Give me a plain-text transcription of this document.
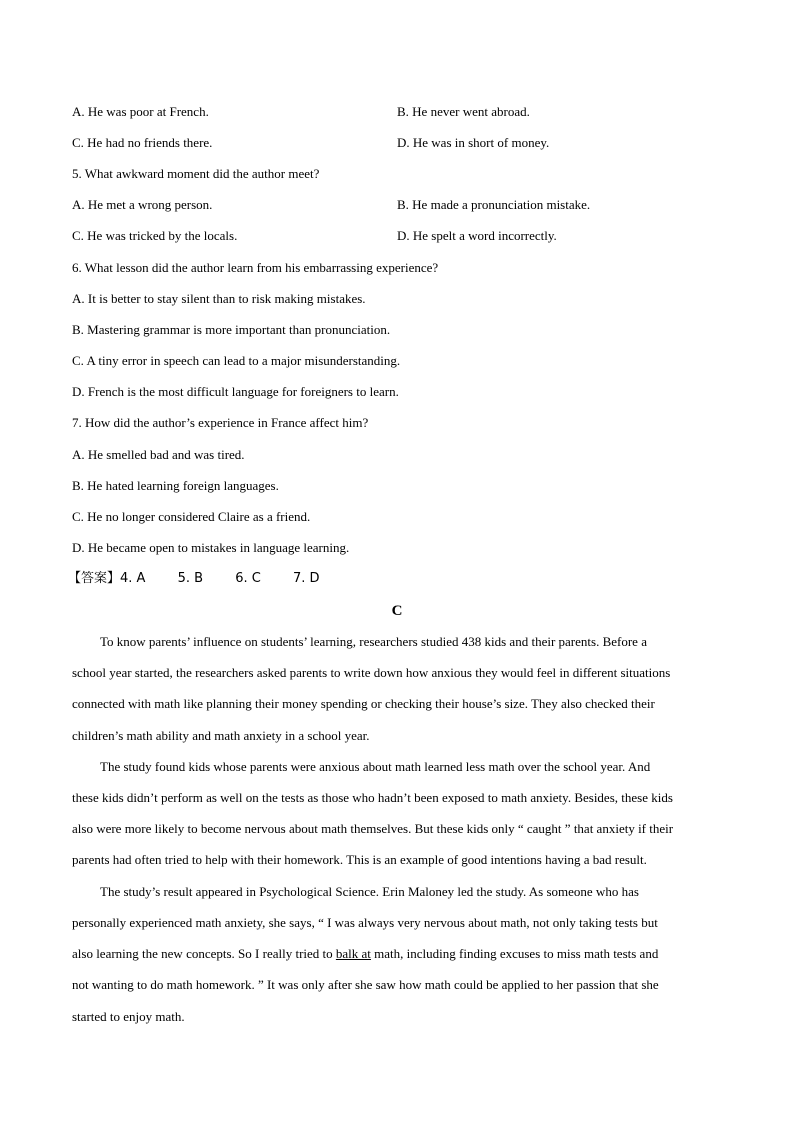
A. He was poor at French.	B. He never went abroad.
C. He had no friends there.	D. He was in short of money.
5. What awkward moment did the author meet?
A. He met a wrong person.	B. He made a pronunciation mistake.
C. He was tricked by the locals.	D. He spelt a word incorrectly.
6. What lesson did the author learn from his embarrassing experience?
A. It is better to stay silent than to risk making mistakes.
B. Mastering grammar is more important than pronunciation.
C. A tiny error in speech can lead to a major misunderstanding.
D. French is the most difficult language for foreigners to learn.
7. How did the author’s experience in France affect him?
A. He smelled bad and was tired.
B. He hated learning foreign languages.
C. He no longer considered Claire as a friend.
D. He became open to mistakes in language learning.
【答案】4. A 5. B 6. C 7. D
C
To know parents’ influence on students’ learning, researchers studied 438 kids and their parents. Before a
school year started, the researchers asked parents to write down how anxious they would feel in different situations
connected with math like planning their money spending or checking their house’s size. They also checked their
children’s math ability and math anxiety in a school year.
The study found kids whose parents were anxious about math learned less math over the school year. And
these kids didn’t perform as well on the tests as those who hadn’t been exposed to math anxiety. Besides, these kids
also were more likely to become nervous about math themselves. But these kids only “ caught ” that anxiety if their
parents had often tried to help with their homework. This is an example of good intentions having a bad result.
The study’s result appeared in Psychological Science. Erin Maloney led the study. As someone who has
personally experienced math anxiety, she says, “ I was always very nervous about math, not only taking tests but
also learning the new concepts. So I really tried to balk at math, including finding excuses to miss math tests and
not wanting to do math homework. ” It was only after she saw how math could be applied to her passion that she
started to enjoy math.
